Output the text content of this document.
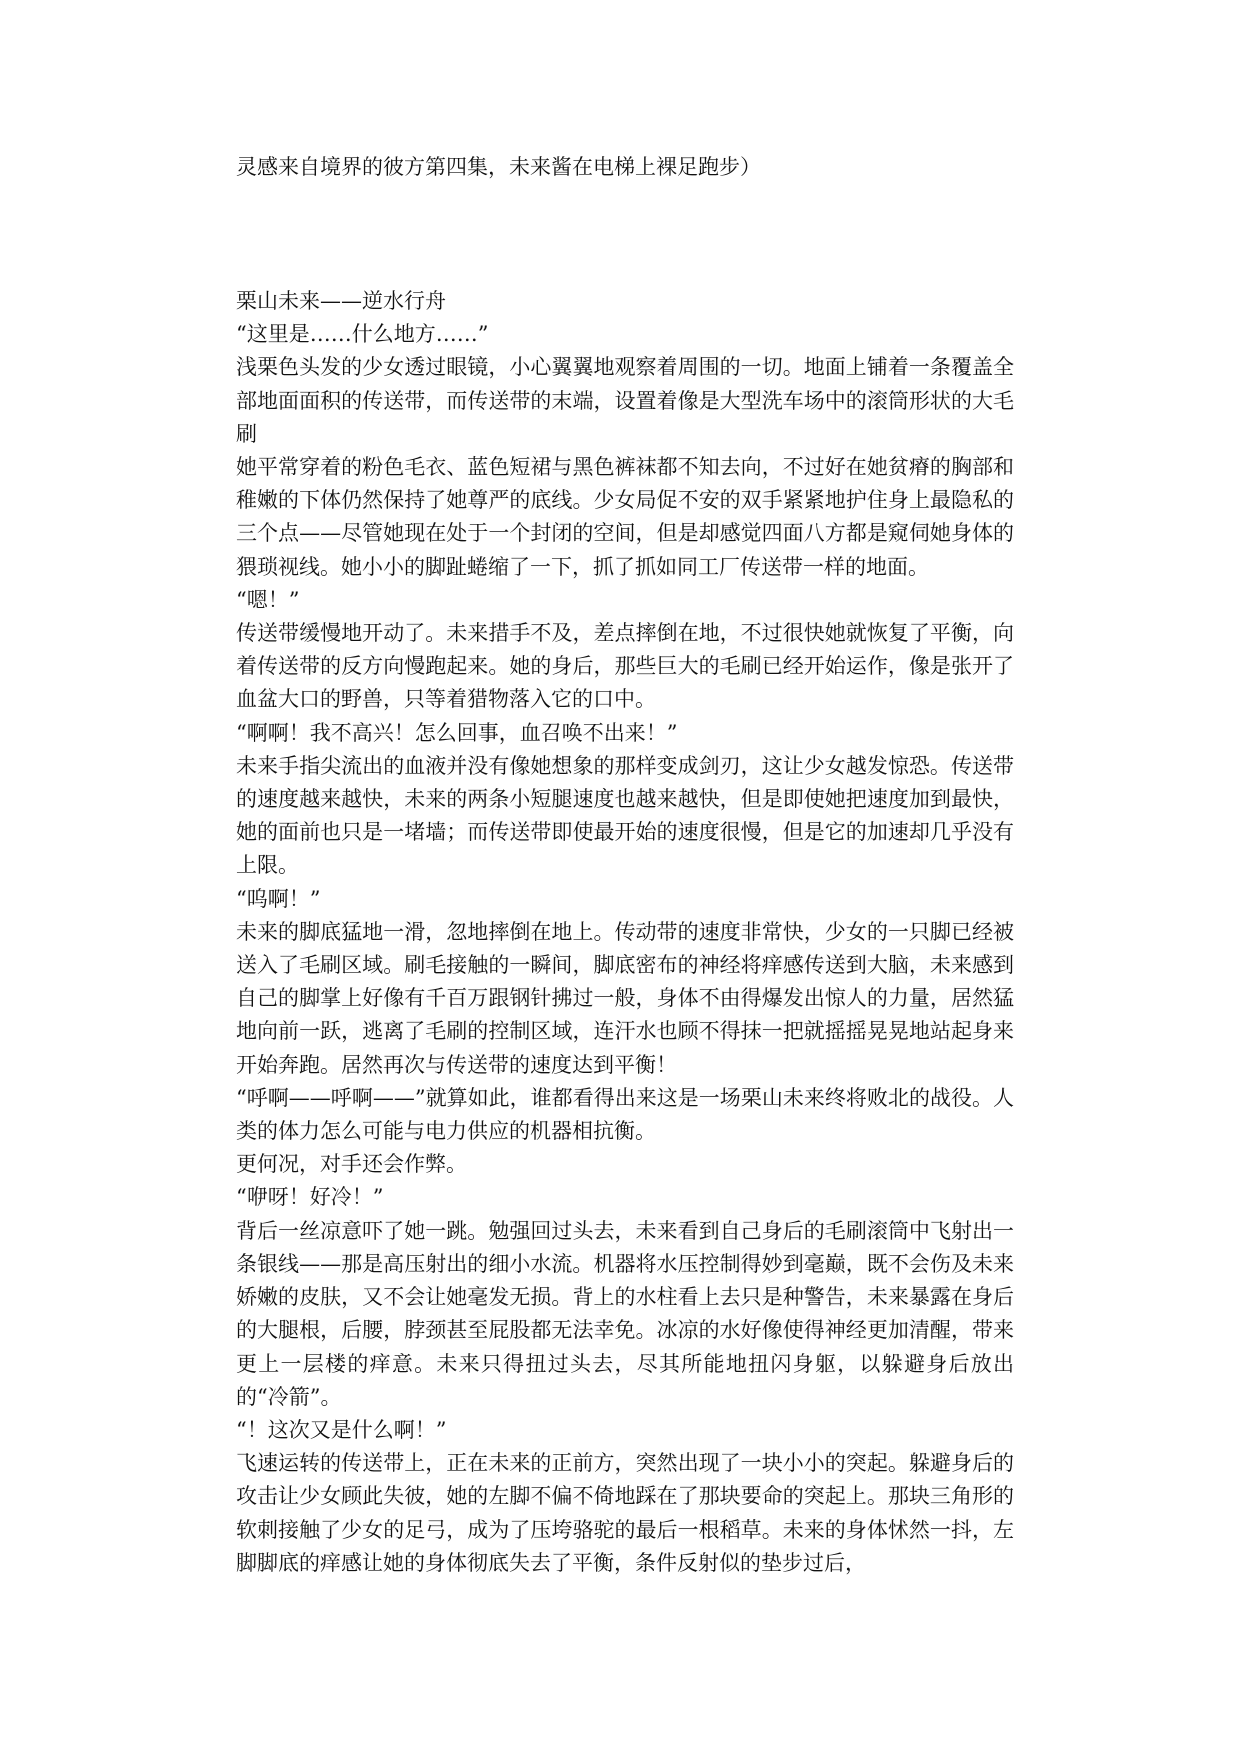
灵感来自境界的彼方第四集，未来酱在电梯上裸足跑步）

栗山未来——逆水行舟

“这里是……什么地方……”

浅栗色头发的少女透过眼镜，小心翼翼地观察着周围的一切。地面上铺着一条覆盖全部地面面积的传送带，而传送带的末端，设置着像是大型洗车场中的滚筒形状的大毛刷

她平常穿着的粉色毛衣、蓝色短裙与黑色裤袜都不知去向，不过好在她贫瘠的胸部和稚嫩的下体仍然保持了她尊严的底线。少女局促不安的双手紧紧地护住身上最隐私的三个点——尽管她现在处于一个封闭的空间，但是却感觉四面八方都是窥伺她身体的猥琐视线。她小小的脚趾蜷缩了一下，抓了抓如同工厂传送带一样的地面。

“嗯！”

传送带缓慢地开动了。未来措手不及，差点摔倒在地，不过很快她就恢复了平衡，向着传送带的反方向慢跑起来。她的身后，那些巨大的毛刷已经开始运作，像是张开了血盆大口的野兽，只等着猎物落入它的口中。

“啊啊！我不高兴！怎么回事，血召唤不出来！”

未来手指尖流出的血液并没有像她想象的那样变成剑刃，这让少女越发惊恐。传送带的速度越来越快，未来的两条小短腿速度也越来越快，但是即使她把速度加到最快，她的面前也只是一堵墙；而传送带即使最开始的速度很慢，但是它的加速却几乎没有上限。

“呜啊！”

未来的脚底猛地一滑，忽地摔倒在地上。传动带的速度非常快，少女的一只脚已经被送入了毛刷区域。刷毛接触的一瞬间，脚底密布的神经将痒感传送到大脑，未来感到自己的脚掌上好像有千百万跟钢针拂过一般，身体不由得爆发出惊人的力量，居然猛地向前一跃，逃离了毛刷的控制区域，连汗水也顾不得抹一把就摇摇晃晃地站起身来开始奔跑。居然再次与传送带的速度达到平衡！

“呼啊——呼啊——”就算如此，谁都看得出来这是一场栗山未来终将败北的战役。人类的体力怎么可能与电力供应的机器相抗衡。

更何况，对手还会作弊。

“咿呀！好冷！”

背后一丝凉意吓了她一跳。勉强回过头去，未来看到自己身后的毛刷滚筒中飞射出一条银线——那是高压射出的细小水流。机器将水压控制得妙到毫巅，既不会伤及未来娇嫩的皮肤，又不会让她毫发无损。背上的水柱看上去只是种警告，未来暴露在身后的大腿根，后腰，脖颈甚至屁股都无法幸免。冰凉的水好像使得神经更加清醒，带来更上一层楼的痒意。未来只得扭过头去，尽其所能地扭闪身躯，以躲避身后放出的“冷箭”。

“！这次又是什么啊！”

飞速运转的传送带上，正在未来的正前方，突然出现了一块小小的突起。躲避身后的攻击让少女顾此失彼，她的左脚不偏不倚地踩在了那块要命的突起上。那块三角形的软刺接触了少女的足弓，成为了压垮骆驼的最后一根稻草。未来的身体怵然一抖，左脚脚底的痒感让她的身体彻底失去了平衡，条件反射似的垫步过后，
